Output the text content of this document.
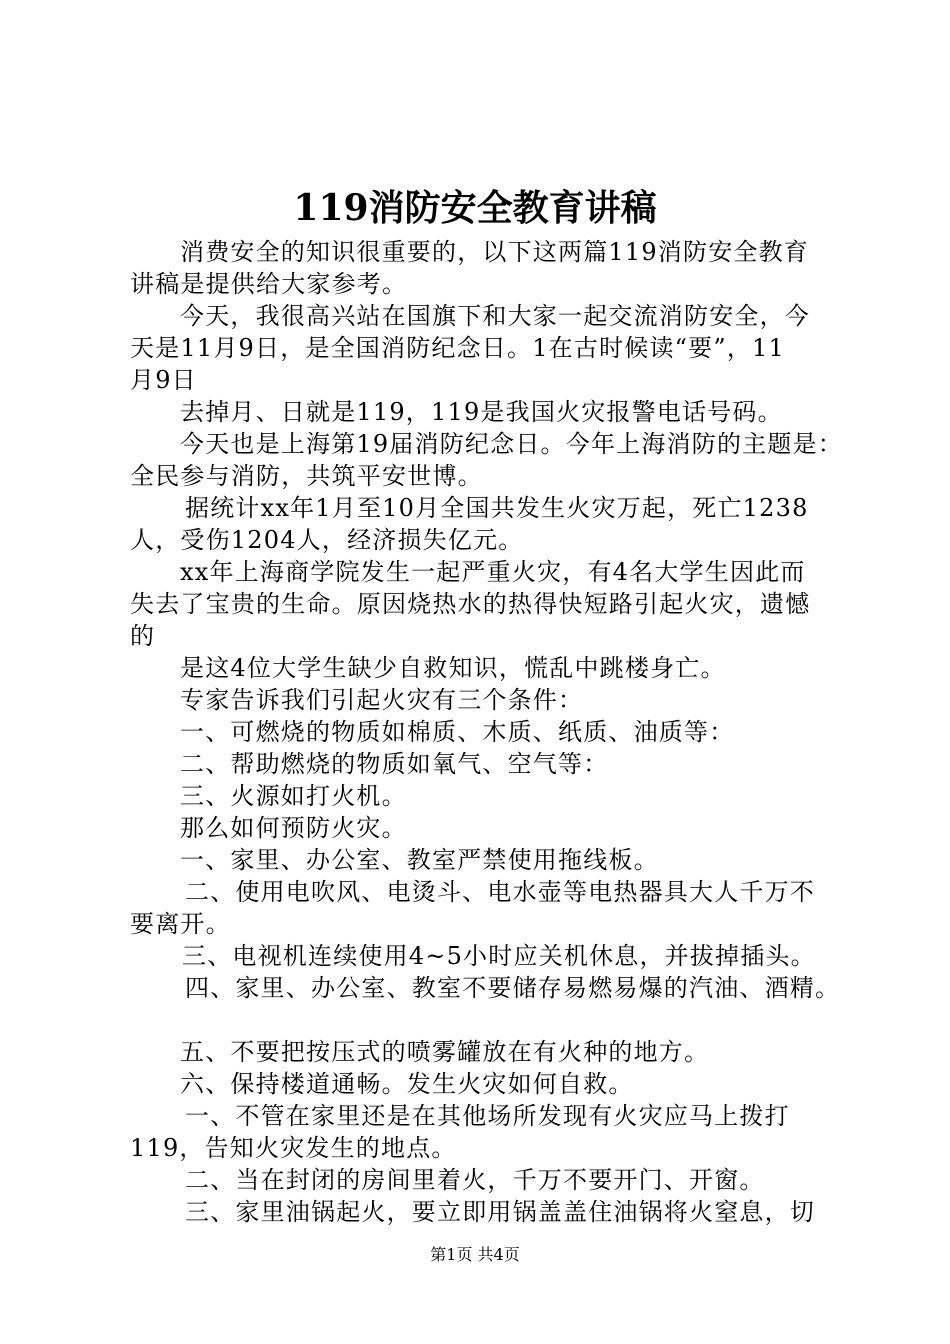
119消防安全教育讲稿
消费安全的知识很重要的，以下这两篇119消防安全教育
讲稿是提供给大家参考。
今天，我很高兴站在国旗下和大家一起交流消防安全，今
天是11月9日，是全国消防纪念日。1在古时候读“要”，11
月9日
去掉月、日就是119，119是我国火灾报警电话号码。
今天也是上海第19届消防纪念日。今年上海消防的主题是：
全民参与消防，共筑平安世博。
据统计xx年1月至10月全国共发生火灾万起，死亡1238
人，受伤1204人，经济损失亿元。
xx年上海商学院发生一起严重火灾，有4名大学生因此而
失去了宝贵的生命。原因烧热水的热得快短路引起火灾，遗憾
的
是这4位大学生缺少自救知识，慌乱中跳楼身亡。
专家告诉我们引起火灾有三个条件：
一、可燃烧的物质如棉质、木质、纸质、油质等：
二、帮助燃烧的物质如氧气、空气等：
三、火源如打火机。
那么如何预防火灾。
一、家里、办公室、教室严禁使用拖线板。
二、使用电吹风、电烫斗、电水壶等电热器具大人千万不
要离开。
三、电视机连续使用4~5小时应关机休息，并拔掉插头。
四、家里、办公室、教室不要储存易燃易爆的汽油、酒精。
五、不要把按压式的喷雾罐放在有火种的地方。
六、保持楼道通畅。发生火灾如何自救。
一、不管在家里还是在其他场所发现有火灾应马上拨打
119，告知火灾发生的地点。
二、当在封闭的房间里着火，千万不要开门、开窗。
三、家里油锅起火，要立即用锅盖盖住油锅将火窒息，切
第1页 共4页
